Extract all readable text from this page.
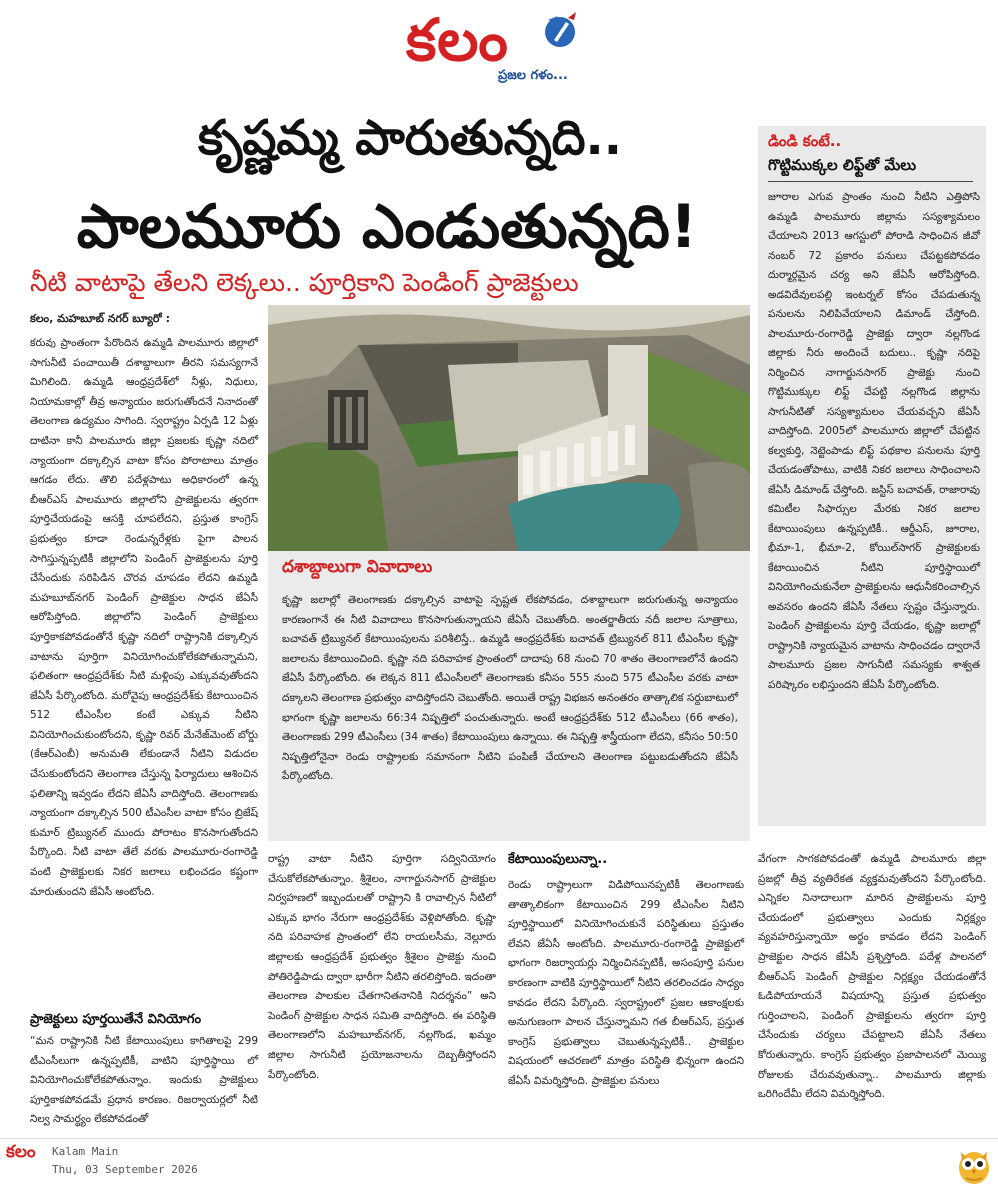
కలం
ప్రజల గళం...
కృష్ణమ్మ పారుతున్నది..
పాలమూరు ఎండుతున్నది!
నీటి వాటాపై తేలని లెక్కలు.. పూర్తికాని పెండింగ్ ప్రాజెక్టులు
డిండి కంటే..
గొట్టిముక్కల లిఫ్ట్‌తో మేలు
జూరాల ఎగువ ప్రాంతం నుంచి నీటిని ఎత్తిపోసి ఉమ్మడి పాలమూరు జిల్లాను సస్యశ్యామలం చేయాలని 2013 ఆగస్టులో పోరాడి సాధించిన జీవో నంబర్ 72 ప్రకారం పనులు చేపట్టకపోవడం దుర్మార్గమైన చర్య అని జేఏసీ ఆరోపిస్తోంది. అడవిదేవులపల్లి ఇంటర్నల్ కోసం చేపడుతున్న పనులను నిలిపివేయాలని డిమాండ్ చేస్తోంది. పాలమూరు-రంగారెడ్డి ప్రాజెక్టు ద్వారా నల్లగొండ జిల్లాకు నీరు అందించే బదులు.. కృష్ణా నదిపై నిర్మించిన నాగార్జునసాగర్ ప్రాజెక్టు నుంచి గొట్టిముక్కుల లిఫ్ట్ చేపట్టి నల్లగొండ జిల్లాను సాగునీటితో సస్యశ్యామలం చేయవచ్చని జేఏసీ వాదిస్తోంది. 2005లో పాలమూరు జిల్లాలో చేపట్టిన కల్వకుర్తి, నెట్టెంపాడు లిఫ్ట్ పథకాల పనులను పూర్తి చేయడంతోపాటు, వాటికి నికర జలాలు సాధించాలని జేఏసీ డిమాండ్ చేస్తోంది. జస్టిస్ బచావత్, రాజారావు కమిటీల సిఫార్సుల మేరకు నికర జలాల కేటాయింపులు ఉన్నప్పటికీ.. ఆర్డీఎస్, జూరాల, భీమా-1, భీమా-2, కోయిల్‌సాగర్ ప్రాజెక్టులకు కేటాయించిన నీటిని పూర్తిస్థాయిలో వినియోగించుకునేలా ప్రాజెక్టులను ఆధునీకరించాల్సిన అవసరం ఉందని జేఏసీ నేతలు స్పష్టం చేస్తున్నారు. పెండింగ్ ప్రాజెక్టులను పూర్తి చేయడం, కృష్ణా జలాల్లో రాష్ట్రానికి న్యాయమైన వాటాను సాధించడం ద్వారానే పాలమూరు ప్రజల సాగునీటి సమస్యకు శాశ్వత పరిష్కారం లభిస్తుందని జేఏసీ పేర్కొంటోంది.
కలం, మహబూబ్ నగర్ బ్యూరో :
కరువు ప్రాంతంగా పేరొందిన ఉమ్మడి పాలమూరు జిల్లాలో సాగునీటి పంచాయితీ దశాబ్దాలుగా తీరని సమస్యగానే మిగిలింది. ఉమ్మడి ఆంధ్రప్రదేశ్‌లో నీళ్లు, నిధులు, నియామకాల్లో తీవ్ర అన్యాయం జరుగుతోందనే నినాదంతో తెలంగాణ ఉద్యమం సాగింది. స్వరాష్ట్రం ఏర్పడి 12 ఏళ్లు దాటినా కానీ పాలమూరు జిల్లా ప్రజలకు కృష్ణా నదిలో న్యాయంగా దక్కాల్సిన వాటా కోసం పోరాటాలు మాత్రం ఆగడం లేదు. తొలి పదేళ్లపాటు అధికారంలో ఉన్న బీఆర్ఎస్ పాలమూరు జిల్లాలోని ప్రాజెక్టులను త్వరగా పూర్తిచేయడంపై ఆసక్తి చూపలేదని, ప్రస్తుత కాంగ్రెస్ ప్రభుత్వం కూడా రెండున్నరేళ్లకు పైగా పాలన సాగిస్తున్నప్పటికీ జిల్లాలోని పెండింగ్ ప్రాజెక్టులను పూర్తి చేసేందుకు సరిపిడిన చొరవ చూపడం లేదని ఉమ్మడి మహబూబ్‌నగర్ పెండింగ్ ప్రాజెక్టుల సాధన జేఏసీ ఆరోపిస్తోంది. జిల్లాలోని పెండింగ్ ప్రాజెక్టులు పూర్తికాకపోవడంతోనే కృష్ణా నదిలో రాష్ట్రానికి దక్కాల్సిన వాటాను పూర్తిగా వినియోగించుకోలేకపోతున్నామని, ఫలితంగా ఆంధ్రప్రదేశ్‌కు నీటి మళ్లింపు ఎక్కువవుతోందని జేఏసీ పేర్కొంటోంది. మరోవైపు ఆంధ్రప్రదేశ్‌కు కేటాయించిన 512 టీఎంసీల కంటే ఎక్కువ నీటిని వినియోగించుకుంటోందని, కృష్ణా రివర్ మేనేజ్‌మెంట్ బోర్డు (కేఆర్ఎంబీ) అనుమతి లేకుండానే నీటిని విడుదల చేసుకుంటోందని తెలంగాణ చేస్తున్న ఫిర్యాదులు ఆశించిన ఫలితాన్ని ఇవ్వడం లేదని జేఏసీ వాదిస్తోంది. తెలంగాణకు న్యాయంగా దక్కాల్సిన 500 టీఎంసీల వాటా కోసం బ్రిజేష్ కుమార్ ట్రిబ్యునల్ ముందు పోరాటం కొనసాగుతోందని పేర్కొంది. నీటి వాటా తేలే వరకు పాలమూరు-రంగారెడ్డి వంటి ప్రాజెక్టులకు నికర జలాలు లభించడం కష్టంగా మారుతుందని జేఏసీ అంటోంది.
ప్రాజెక్టులు పూర్తయితేనే వినియోగం
“మన రాష్ట్రానికి నీటి కేటాయింపులు కాగితాలపై 299 టీఎంసీలుగా ఉన్నప్పటికీ, వాటిని పూర్తిస్థాయి లో వినియోగించుకోలేకపోతున్నాం. ఇందుకు ప్రాజెక్టులు పూర్తికాకపోవడమే ప్రధాన కారణం. రిజర్వాయర్లలో నీటి నిల్వ సామర్థ్యం లేకపోవడంతో
దశాబ్దాలుగా వివాదాలు
కృష్ణా జలాల్లో తెలంగాణకు దక్కాల్సిన వాటాపై స్పష్టత లేకపోవడం, దశాబ్దాలుగా జరుగుతున్న అన్యాయం కారణంగానే ఈ నీటి వివాదాలు కొనసాగుతున్నాయని జేఏసీ చెబుతోంది. అంతర్జాతీయ నదీ జలాల సూత్రాలు, బచావత్ ట్రిబ్యునల్ కేటాయింపులను పరిశీలిస్తే.. ఉమ్మడి ఆంధ్రప్రదేశ్‌కు బచావత్ ట్రిబ్యునల్ 811 టీఎంసీల కృష్ణా జలాలను కేటాయించింది. కృష్ణా నది పరివాహక ప్రాంతంలో దాదాపు 68 నుంచి 70 శాతం తెలంగాణలోనే ఉందని జేఏసీ పేర్కొంటోంది. ఈ లెక్కన 811 టీఎంసీలలో తెలంగాణకు కనీసం 555 నుంచి 575 టీఎంసీల వరకు వాటా దక్కాలని తెలంగాణ ప్రభుత్వం వాదిస్తోందని చెబుతోంది. అయితే రాష్ట్ర విభజన అనంతరం తాత్కాలిక సర్దుబాటులో భాగంగా కృష్ణా జలాలను 66:34 నిష్పత్తిలో పంచుతున్నారు. అంటే ఆంధ్రప్రదేశ్‌కు 512 టీఎంసీలు (66 శాతం), తెలంగాణకు 299 టీఎంసీలు (34 శాతం) కేటాయింపులు ఉన్నాయి. ఈ నిష్పత్తి శాస్త్రీయంగా లేదని, కనీసం 50:50 నిష్పత్తిలోనైనా రెండు రాష్ట్రాలకు సమానంగా నీటిని పంపిణీ చేయాలని తెలంగాణ పట్టుబడుతోందని జేఏసీ పేర్కొంటోంది.
రాష్ట్ర వాటా నీటిని పూర్తిగా సద్వినియోగం చేసుకోలేకపోతున్నాం. శ్రీశైలం, నాగార్జునసాగర్ ప్రాజెక్టుల నిర్వహణలో ఇబ్బందులతో రాష్ట్రాని కి రావాల్సిన నీటిలో ఎక్కువ భాగం నేరుగా ఆంధ్రప్రదేశ్‌కు వెళ్లిపోతోంది. కృష్ణా నది పరివాహక ప్రాంతంలో లేని రాయలసీమ, నెల్లూరు జిల్లాలకు ఆంధ్రప్రదేశ్ ప్రభుత్వం శ్రీశైలం ప్రాజెక్టు నుంచి పోతిరెడ్డిపాడు ద్వారా భారీగా నీటిని తరలిస్తోంది. ఇదంతా తెలంగాణ పాలకుల చేతగానితనానికి నిదర్శనం” అని పెండింగ్ ప్రాజెక్టుల సాధన సమితి వాదిస్తోంది. ఈ పరిస్థితి తెలంగాణలోని మహబూబ్‌నగర్, నల్లగొండ, ఖమ్మం జిల్లాల సాగునీటి ప్రయోజనాలను దెబ్బతీస్తోందని పేర్కొంటోంది.
కేటాయింపులున్నా..
రెండు రాష్ట్రాలుగా విడిపోయినప్పటికీ తెలంగాణకు తాత్కాలికంగా కేటాయించిన 299 టీఎంసీల నీటిని పూర్తిస్థాయిలో వినియోగించుకునే పరిస్థితులు ప్రస్తుతం లేవని జేఏసీ అంటోంది. పాలమూరు-రంగారెడ్డి ప్రాజెక్టులో భాగంగా రిజర్వాయర్లు నిర్మించినప్పటికీ, అసంపూర్తి పనుల కారణంగా వాటికి పూర్తిస్థాయిలో నీటిని తరలించడం సాధ్యం కావడం లేదని పేర్కొంది. స్వరాష్ట్రంలో ప్రజల ఆకాంక్షలకు అనుగుణంగా పాలన చేస్తున్నామని గత బీఆర్ఎస్, ప్రస్తుత కాంగ్రెస్ ప్రభుత్వాలు చెబుతున్నప్పటికీ.. ప్రాజెక్టుల విషయంలో ఆచరణలో మాత్రం పరిస్థితి భిన్నంగా ఉందని జేఏసీ విమర్శిస్తోంది. ప్రాజెక్టుల పనులు
వేగంగా సాగకపోవడంతో ఉమ్మడి పాలమూరు జిల్లా ప్రజల్లో తీవ్ర వ్యతిరేకత వ్యక్తమవుతోందని పేర్కొంటోంది. ఎన్నికల నినాదాలుగా మారిన ప్రాజెక్టులను పూర్తి చేయడంలో ప్రభుత్వాలు ఎందుకు నిర్లక్ష్యం వ్యవహరిస్తున్నాయో అర్థం కావడం లేదని పెండింగ్ ప్రాజెక్టుల సాధన జేఏసీ ప్రశ్నిస్తోంది. పదేళ్ల పాలనలో బీఆర్ఎస్ పెండింగ్ ప్రాజెక్టుల నిర్లక్ష్యం చేయడంతోనే ఓడిపోయాయనే విషయాన్ని ప్రస్తుత ప్రభుత్వం గుర్తించాలని, పెండింగ్ ప్రాజెక్టులను త్వరగా పూర్తి చేసేందుకు చర్యలు చేపట్టాలని జేఏసీ నేతలు కోరుతున్నారు. కాంగ్రెస్ ప్రభుత్వం ప్రజాపాలనలో మెయ్యి రోజులకు చేరువవుతున్నా.. పాలమూరు జిల్లాకు ఒరిగిందేమీ లేదని విమర్శిస్తోంది.
కలం Kalam Main
Thu, 03 September 2026
